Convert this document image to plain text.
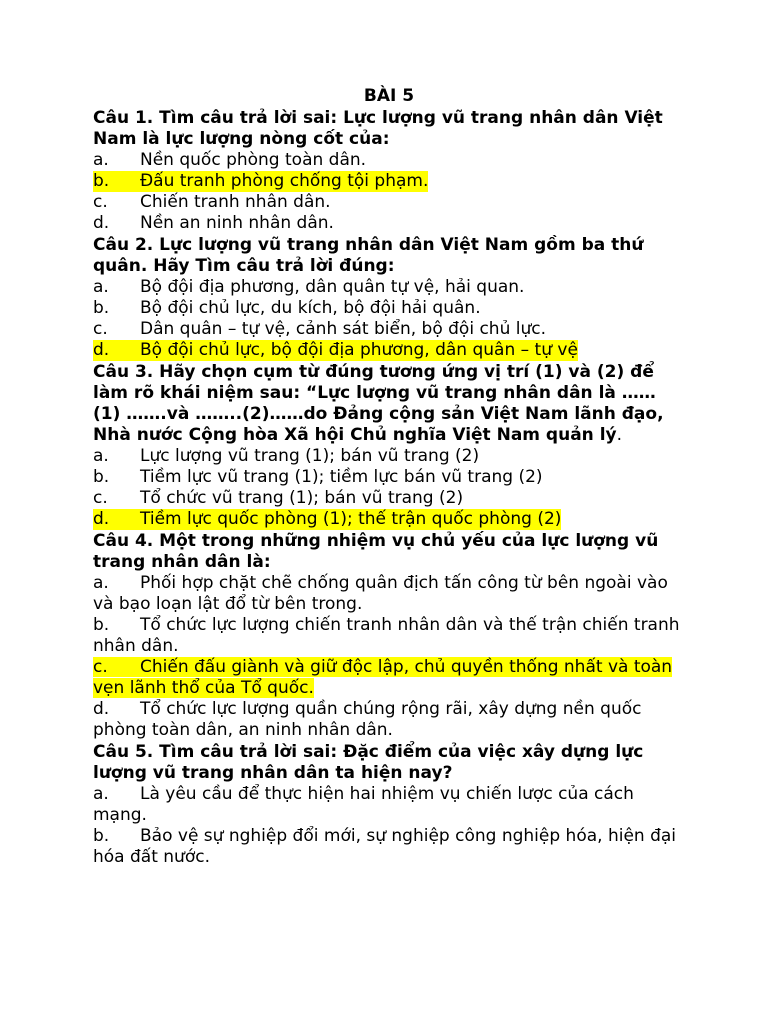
BÀI 5
Câu 1. Tìm câu trả lời sai: Lực lượng vũ trang nhân dân Việt Nam là lực lượng nòng cốt của:
a.	Nền quốc phòng toàn dân.
b. Đấu tranh phòng chống tội phạm.
c.	Chiến tranh nhân dân.
d.	Nền an ninh nhân dân.
Câu 2. Lực lượng vũ trang nhân dân Việt Nam gồm ba thứ quân. Hãy Tìm câu trả lời đúng:
a.	Bộ đội địa phương, dân quân tự vệ, hải quan.
b.	Bộ đội chủ lực, du kích, bộ đội hải quân.
c.	Dân quân – tự vệ, cảnh sát biển, bộ đội chủ lực.
d. Bộ đội chủ lực, bộ đội địa phương, dân quân – tự vệ
Câu 3. Hãy chọn cụm từ đúng tương ứng vị trí (1) và (2) để làm rõ khái niệm sau: “Lực lượng vũ trang nhân dân là …… (1) …….và ……..(2)……do Đảng cộng sản Việt Nam lãnh đạo, Nhà nước Cộng hòa Xã hội Chủ nghĩa Việt Nam quản lý.
a.	Lực lượng vũ trang (1); bán vũ trang (2)
b.	Tiềm lực vũ trang (1); tiềm lực bán vũ trang (2)
c.	Tổ chức vũ trang (1); bán vũ trang (2)
d. Tiềm lực quốc phòng (1); thế trận quốc phòng (2)
Câu 4. Một trong những nhiệm vụ chủ yếu của lực lượng vũ trang nhân dân là:
a. Phối hợp chặt chẽ chống quân địch tấn công từ bên ngoài vào và bạo loạn lật đổ từ bên trong.
b. Tổ chức lực lượng chiến tranh nhân dân và thế trận chiến tranh nhân dân.
c. Chiến đấu giành và giữ độc lập, chủ quyền thống nhất và toàn vẹn lãnh thổ của Tổ quốc.
d. Tổ chức lực lượng quần chúng rộng rãi, xây dựng nền quốc phòng toàn dân, an ninh nhân dân.
Câu 5. Tìm câu trả lời sai: Đặc điểm của việc xây dựng lực lượng vũ trang nhân dân ta hiện nay?
a. Là yêu cầu để thực hiện hai nhiệm vụ chiến lược của cách mạng.
b. Bảo vệ sự nghiệp đổi mới, sự nghiệp công nghiệp hóa, hiện đại hóa đất nước.
